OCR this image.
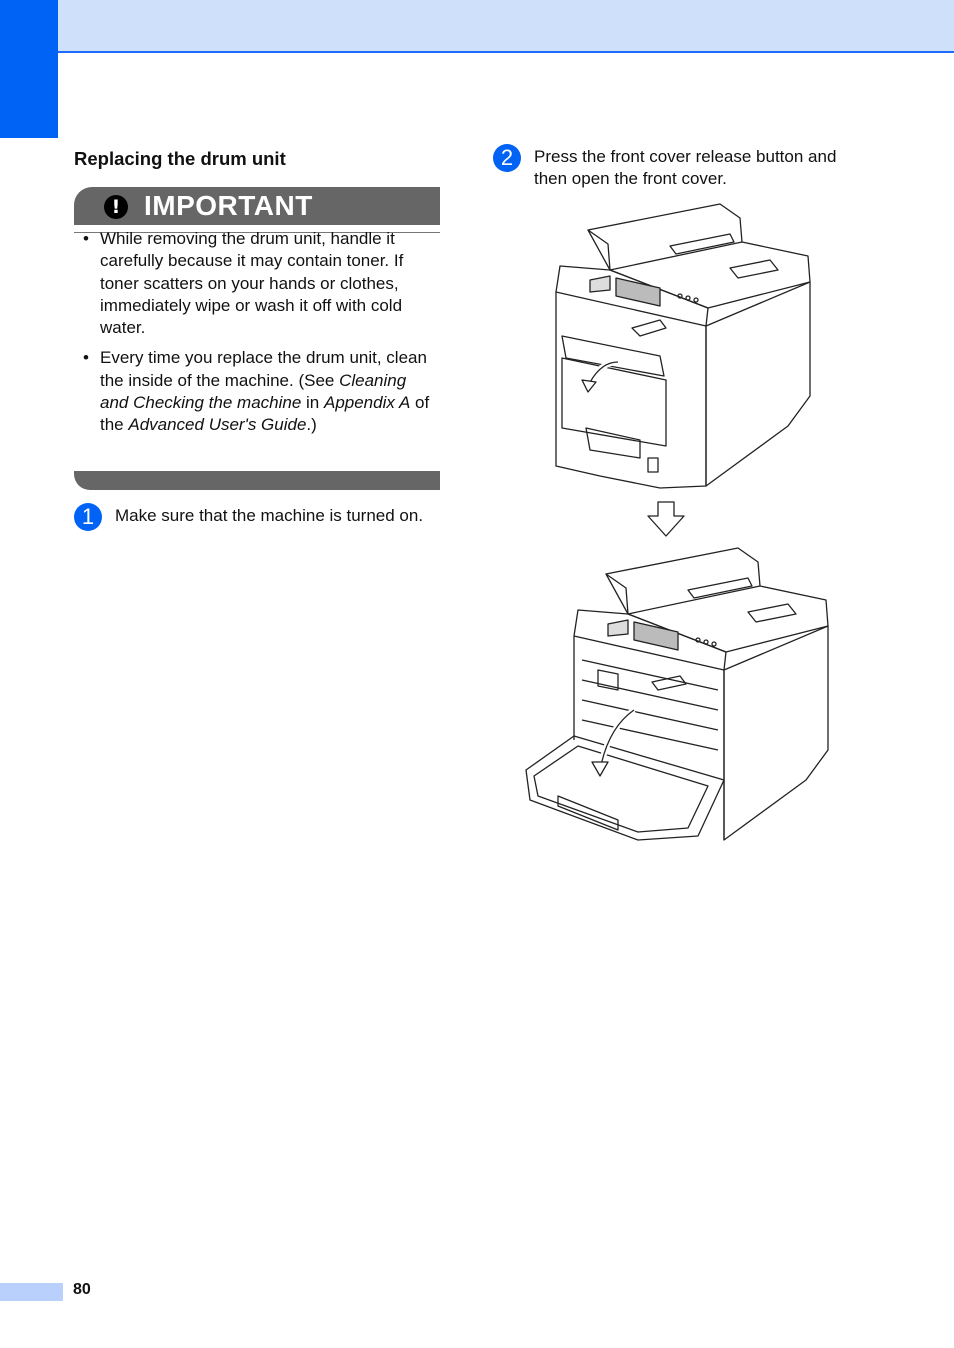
Replacing the drum unit
! IMPORTANT
• While removing the drum unit, handle it carefully because it may contain toner. If toner scatters on your hands or clothes, immediately wipe or wash it off with cold water.
• Every time you replace the drum unit, clean the inside of the machine. (See Cleaning and Checking the machine in Appendix A of the Advanced User's Guide.)
1	Make sure that the machine is turned on.
2	Press the front cover release button and then open the front cover.
80
